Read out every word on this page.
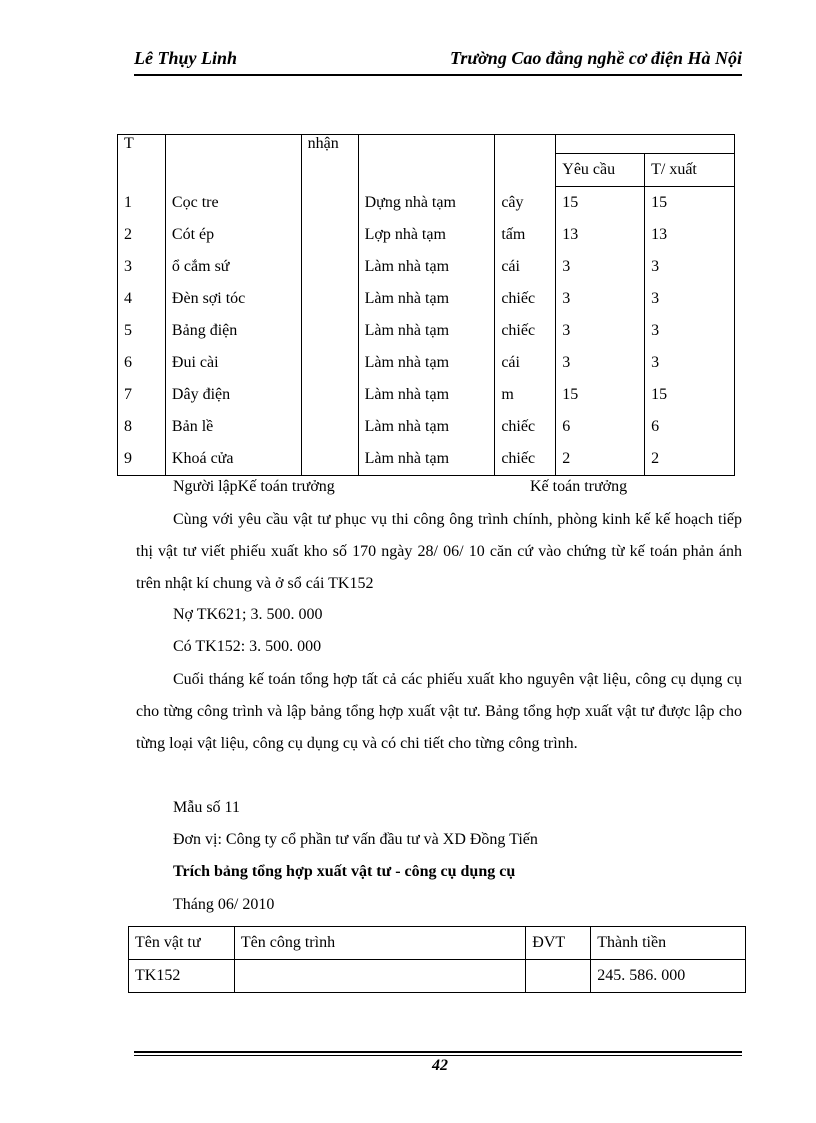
Lê Thụy Linh	Trường Cao đẳng nghề cơ điện Hà Nội
T		nhận				
					Yêu cầu	T/ xuất
1	Cọc tre		Dựng nhà tạm	cây	15	15
2	Cót ép		Lợp nhà tạm	tấm	13	13
3	ổ cắm sứ		Làm nhà tạm	cái	3	3
4	Đèn sợi tóc		Làm nhà tạm	chiếc	3	3
5	Bảng điện		Làm nhà tạm	chiếc	3	3
6	Đui cài		Làm nhà tạm	cái	3	3
7	Dây điện		Làm nhà tạm	m	15	15
8	Bản lề		Làm nhà tạm	chiếc	6	6
9	Khoá cửa		Làm nhà tạm	chiếc	2	2
Người lậpKế toán trưởng	Kế toán trưởng
Cùng với yêu cầu vật tư phục vụ thi công ông trình chính, phòng kinh kế kế hoạch tiếp thị vật tư viết phiếu xuất kho số 170 ngày 28/ 06/ 10 căn cứ vào chứng từ kế toán phản ánh trên nhật kí chung và ở sổ cái TK152
Nợ TK621; 3. 500. 000
Có TK152: 3. 500. 000
Cuối tháng kế toán tổng hợp tất cả các phiếu xuất kho nguyên vật liệu, công cụ dụng cụ cho từng công trình và lập bảng tổng hợp xuất vật tư. Bảng tổng hợp xuất vật tư được lập cho từng loại vật liệu, công cụ dụng cụ và có chi tiết cho từng công trình.
Mẫu số 11
Đơn vị: Công ty cổ phần tư vấn đầu tư và XD Đồng Tiến
Trích bảng tổng hợp xuất vật tư - công cụ dụng cụ
Tháng 06/ 2010
Tên vật tư	Tên công trình	ĐVT	Thành tiền
TK152			245. 586. 000
42
